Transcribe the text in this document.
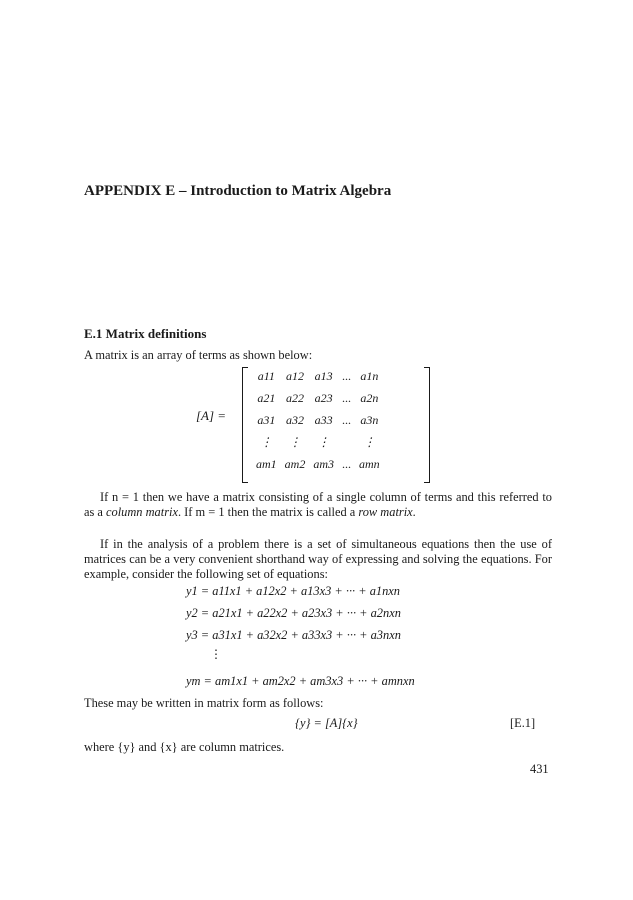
APPENDIX E – Introduction to Matrix Algebra
E.1 Matrix definitions

A matrix is an array of terms as shown below:

[A] =
a11	a12	a13	...	a1n
a21	a22	a23	...	a2n
a31	a32	a33	...	a3n
⋮	⋮	⋮		⋮
am1	am2	am3	...	amn

If n = 1 then we have a matrix consisting of a single column of terms and this referred to as a column matrix. If m = 1 then the matrix is called a row matrix.

If in the analysis of a problem there is a set of simultaneous equations then the use of matrices can be a very convenient shorthand way of expressing and solving the equations. For example, consider the following set of equations:

y1 = a11x1 + a12x2 + a13x3 + ··· + a1nxn

y2 = a21x1 + a22x2 + a23x3 + ··· + a2nxn

y3 = a31x1 + a32x2 + a33x3 + ··· + a3nxn

⋮

ym = am1x1 + am2x2 + am3x3 + ··· + amnxn

These may be written in matrix form as follows:

{y} = [A]{x}	[E.1]

where {y} and {x} are column matrices.

431
